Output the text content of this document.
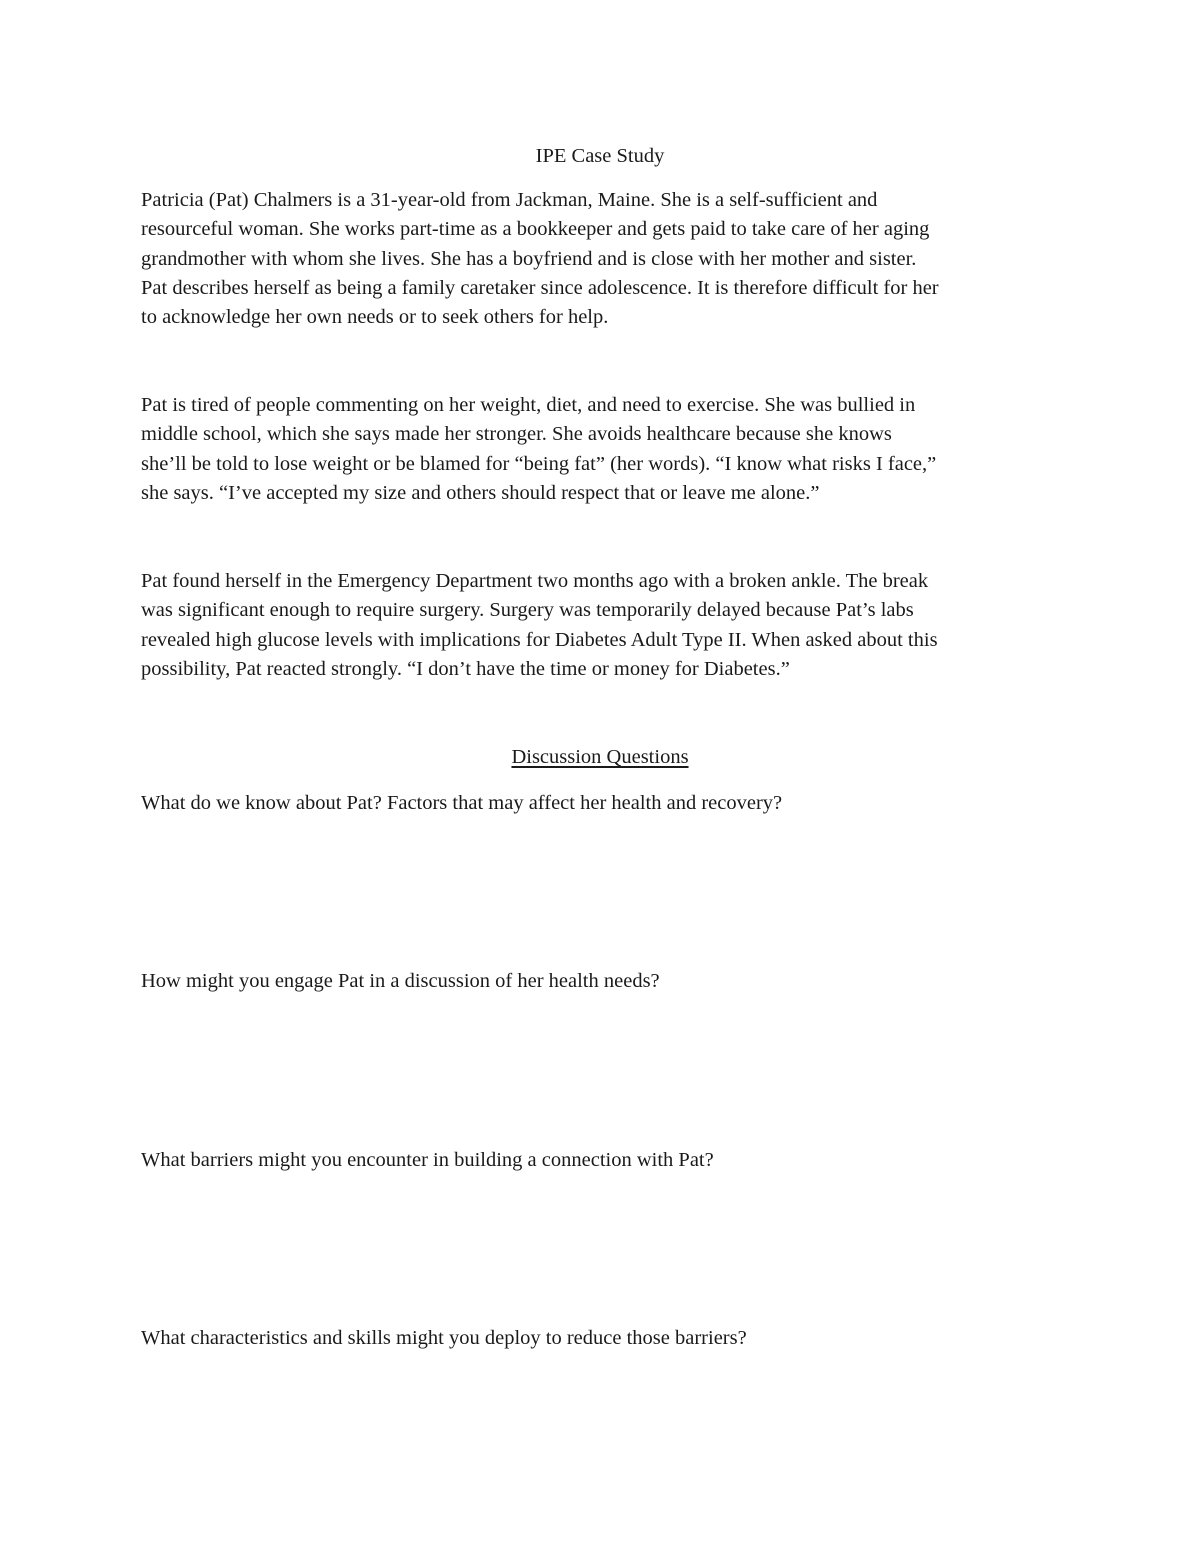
IPE Case Study

Patricia (Pat) Chalmers is a 31-year-old from Jackman, Maine. She is a self-sufficient and
resourceful woman. She works part-time as a bookkeeper and gets paid to take care of her aging
grandmother with whom she lives. She has a boyfriend and is close with her mother and sister.
Pat describes herself as being a family caretaker since adolescence. It is therefore difficult for her
to acknowledge her own needs or to seek others for help.

Pat is tired of people commenting on her weight, diet, and need to exercise. She was bullied in
middle school, which she says made her stronger. She avoids healthcare because she knows
she’ll be told to lose weight or be blamed for “being fat” (her words). “I know what risks I face,”
she says. “I’ve accepted my size and others should respect that or leave me alone.”

Pat found herself in the Emergency Department two months ago with a broken ankle. The break
was significant enough to require surgery. Surgery was temporarily delayed because Pat’s labs
revealed high glucose levels with implications for Diabetes Adult Type II. When asked about this
possibility, Pat reacted strongly. “I don’t have the time or money for Diabetes.”

Discussion Questions

What do we know about Pat? Factors that may affect her health and recovery?

How might you engage Pat in a discussion of her health needs?

What barriers might you encounter in building a connection with Pat?

What characteristics and skills might you deploy to reduce those barriers?
